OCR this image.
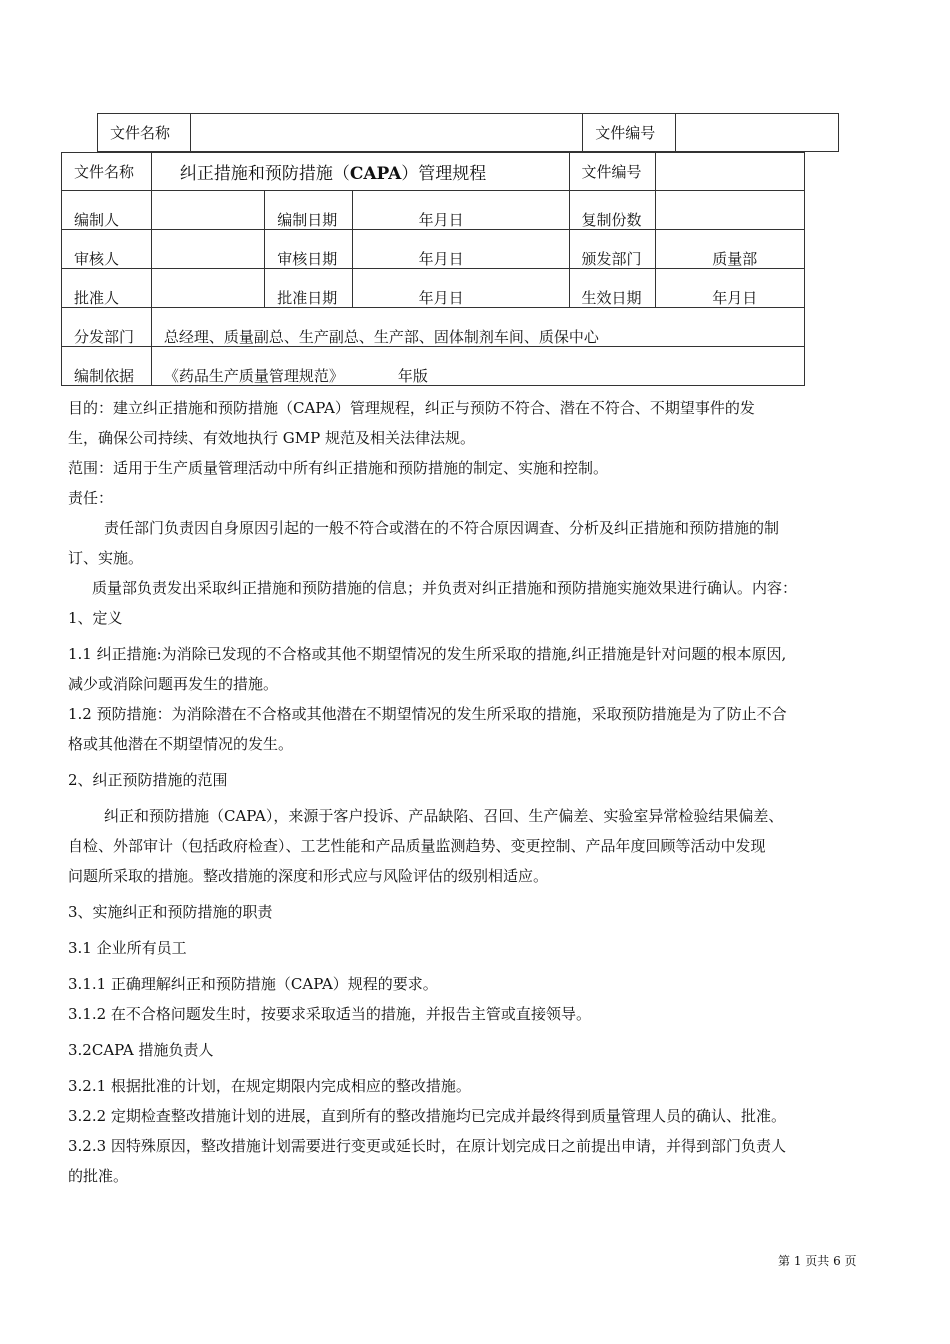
文件名称		文件编号	
文件名称	纠正措施和预防措施（CAPA）管理规程			文件编号	
编制人		编制日期	年月日	复制份数	
审核人		审核日期	年月日	颁发部门	质量部
批准人		批准日期	年月日	生效日期	年月日
分发部门	总经理、质量副总、生产副总、生产部、固体制剂车间、质保中心				
编制依据	《药品生产质量管理规范》 年版				

目的：建立纠正措施和预防措施（CAPA）管理规程，纠正与预防不符合、潜在不符合、不期望事件的发

生，确保公司持续、有效地执行 GMP 规范及相关法律法规。

范围：适用于生产质量管理活动中所有纠正措施和预防措施的制定、实施和控制。

责任：

责任部门负责因自身原因引起的一般不符合或潜在的不符合原因调查、分析及纠正措施和预防措施的制

订、实施。

质量部负责发出采取纠正措施和预防措施的信息；并负责对纠正措施和预防措施实施效果进行确认。内容：

1、定义

1.1 纠正措施:为消除已发现的不合格或其他不期望情况的发生所采取的措施,纠正措施是针对问题的根本原因,

减少或消除问题再发生的措施。

1.2 预防措施：为消除潜在不合格或其他潜在不期望情况的发生所采取的措施，采取预防措施是为了防止不合

格或其他潜在不期望情况的发生。

2、纠正预防措施的范围

纠正和预防措施（CAPA），来源于客户投诉、产品缺陷、召回、生产偏差、实验室异常检验结果偏差、

自检、外部审计（包括政府检查）、工艺性能和产品质量监测趋势、变更控制、产品年度回顾等活动中发现

问题所采取的措施。整改措施的深度和形式应与风险评估的级别相适应。

3、实施纠正和预防措施的职责

3.1 企业所有员工

3.1.1 正确理解纠正和预防措施（CAPA）规程的要求。

3.1.2 在不合格问题发生时，按要求采取适当的措施，并报告主管或直接领导。

3.2CAPA 措施负责人

3.2.1 根据批准的计划，在规定期限内完成相应的整改措施。

3.2.2 定期检查整改措施计划的进展，直到所有的整改措施均已完成并最终得到质量管理人员的确认、批准。

3.2.3 因特殊原因，整改措施计划需要进行变更或延长时，在原计划完成日之前提出申请，并得到部门负责人

的批准。

第 1 页共 6 页
